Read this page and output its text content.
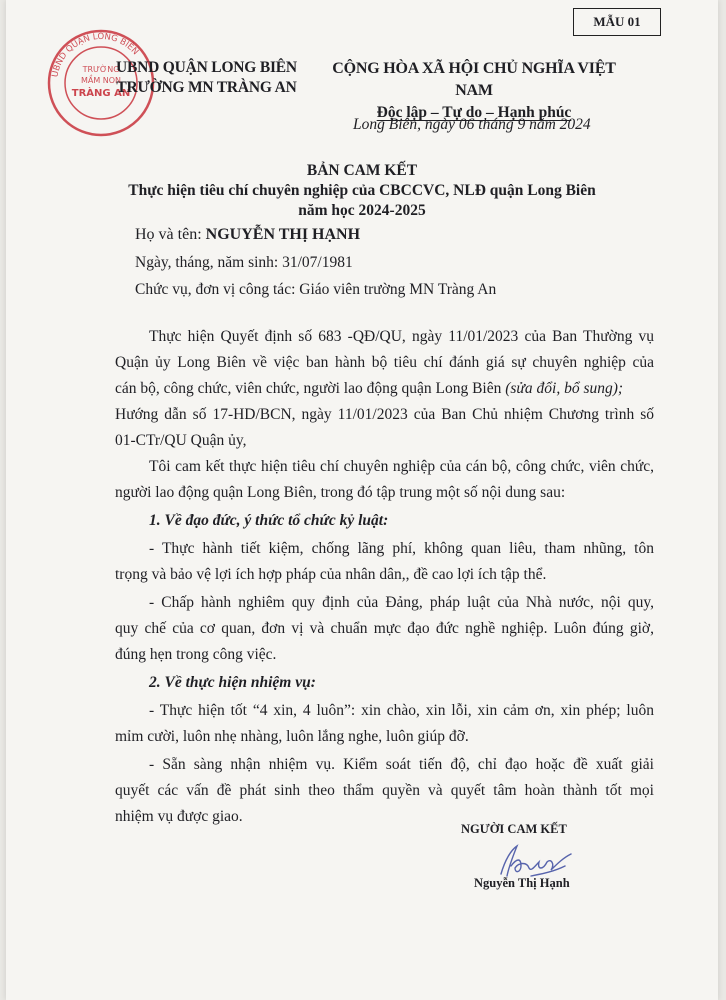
MẪU 01
UBND QUẬN LONG BIÊN
TRƯỜNG
MẦM NON
TRÀNG AN
UBND QUẬN LONG BIÊN
TRƯỜNG MN TRÀNG AN
CỘNG HÒA XÃ HỘI CHỦ NGHĨA VIỆT NAM
Độc lập – Tự do – Hạnh phúc
Long Biên, ngày 06 tháng 9 năm 2024
BẢN CAM KẾT
Thực hiện tiêu chí chuyên nghiệp của CBCCVC, NLĐ quận Long Biên
năm học 2024-2025
Họ và tên: NGUYỄN THỊ HẠNH
Ngày, tháng, năm sinh: 31/07/1981
Chức vụ, đơn vị công tác: Giáo viên trường MN Tràng An
Thực hiện Quyết định số 683 -QĐ/QU, ngày 11/01/2023 của Ban Thường vụ
Quận ủy Long Biên về việc ban hành bộ tiêu chí đánh giá sự chuyên nghiệp của
cán bộ, công chức, viên chức, người lao động quận Long Biên (sửa đổi, bổ sung);
Hướng dẫn số 17-HD/BCN, ngày 11/01/2023 của Ban Chủ nhiệm Chương trình số
01-CTr/QU Quận ủy,
Tôi cam kết thực hiện tiêu chí chuyên nghiệp của cán bộ, công chức, viên chức,
người lao động quận Long Biên, trong đó tập trung một số nội dung sau:
1. Về đạo đức, ý thức tổ chức kỷ luật:
- Thực hành tiết kiệm, chống lãng phí, không quan liêu, tham nhũng, tôn
trọng và bảo vệ lợi ích hợp pháp của nhân dân,, đề cao lợi ích tập thể.
- Chấp hành nghiêm quy định của Đảng, pháp luật của Nhà nước, nội quy,
quy chế của cơ quan, đơn vị và chuẩn mực đạo đức nghề nghiệp. Luôn đúng giờ,
đúng hẹn trong công việc.
2. Về thực hiện nhiệm vụ:
- Thực hiện tốt “4 xin, 4 luôn”: xin chào, xin lỗi, xin cảm ơn, xin phép; luôn
mỉm cười, luôn nhẹ nhàng, luôn lắng nghe, luôn giúp đỡ.
- Sẵn sàng nhận nhiệm vụ. Kiểm soát tiến độ, chỉ đạo hoặc đề xuất giải
quyết các vấn đề phát sinh theo thẩm quyền và quyết tâm hoàn thành tốt mọi
nhiệm vụ được giao.
NGƯỜI CAM KẾT
Nguyễn Thị Hạnh
